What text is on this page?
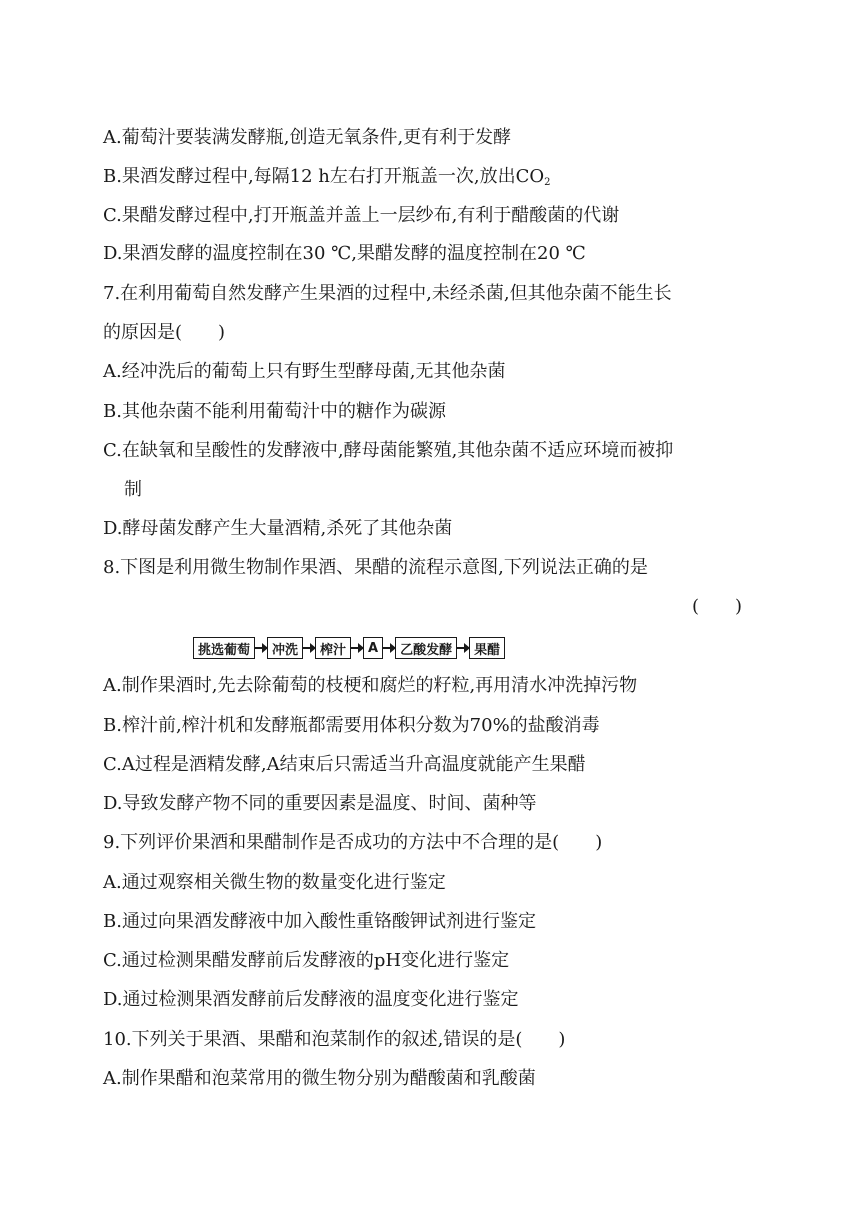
A.葡萄汁要装满发酵瓶,创造无氧条件,更有利于发酵
B.果酒发酵过程中,每隔12 h左右打开瓶盖一次,放出$CO_2$
C.果醋发酵过程中,打开瓶盖并盖上一层纱布,有利于醋酸菌的代谢
D.果酒发酵的温度控制在30 ℃,果醋发酵的温度控制在20 ℃
7.在利用葡萄自然发酵产生果酒的过程中,未经杀菌,但其他杂菌不能生长
的原因是(　　)
A.经冲洗后的葡萄上只有野生型酵母菌,无其他杂菌
B.其他杂菌不能利用葡萄汁中的糖作为碳源
C.在缺氧和呈酸性的发酵液中,酵母菌能繁殖,其他杂菌不适应环境而被抑
制
D.酵母菌发酵产生大量酒精,杀死了其他杂菌
8.下图是利用微生物制作果酒、果醋的流程示意图,下列说法正确的是
(　　)
挑选葡萄	冲洗	榨汁	A	乙酸发酵	果醋
A.制作果酒时,先去除葡萄的枝梗和腐烂的籽粒,再用清水冲洗掉污物
B.榨汁前,榨汁机和发酵瓶都需要用体积分数为70%的盐酸消毒
C.A过程是酒精发酵,A结束后只需适当升高温度就能产生果醋
D.导致发酵产物不同的重要因素是温度、时间、菌种等
9.下列评价果酒和果醋制作是否成功的方法中不合理的是(　　)
A.通过观察相关微生物的数量变化进行鉴定
B.通过向果酒发酵液中加入酸性重铬酸钾试剂进行鉴定
C.通过检测果醋发酵前后发酵液的pH变化进行鉴定
D.通过检测果酒发酵前后发酵液的温度变化进行鉴定
10.下列关于果酒、果醋和泡菜制作的叙述,错误的是(　　)
A.制作果醋和泡菜常用的微生物分别为醋酸菌和乳酸菌
